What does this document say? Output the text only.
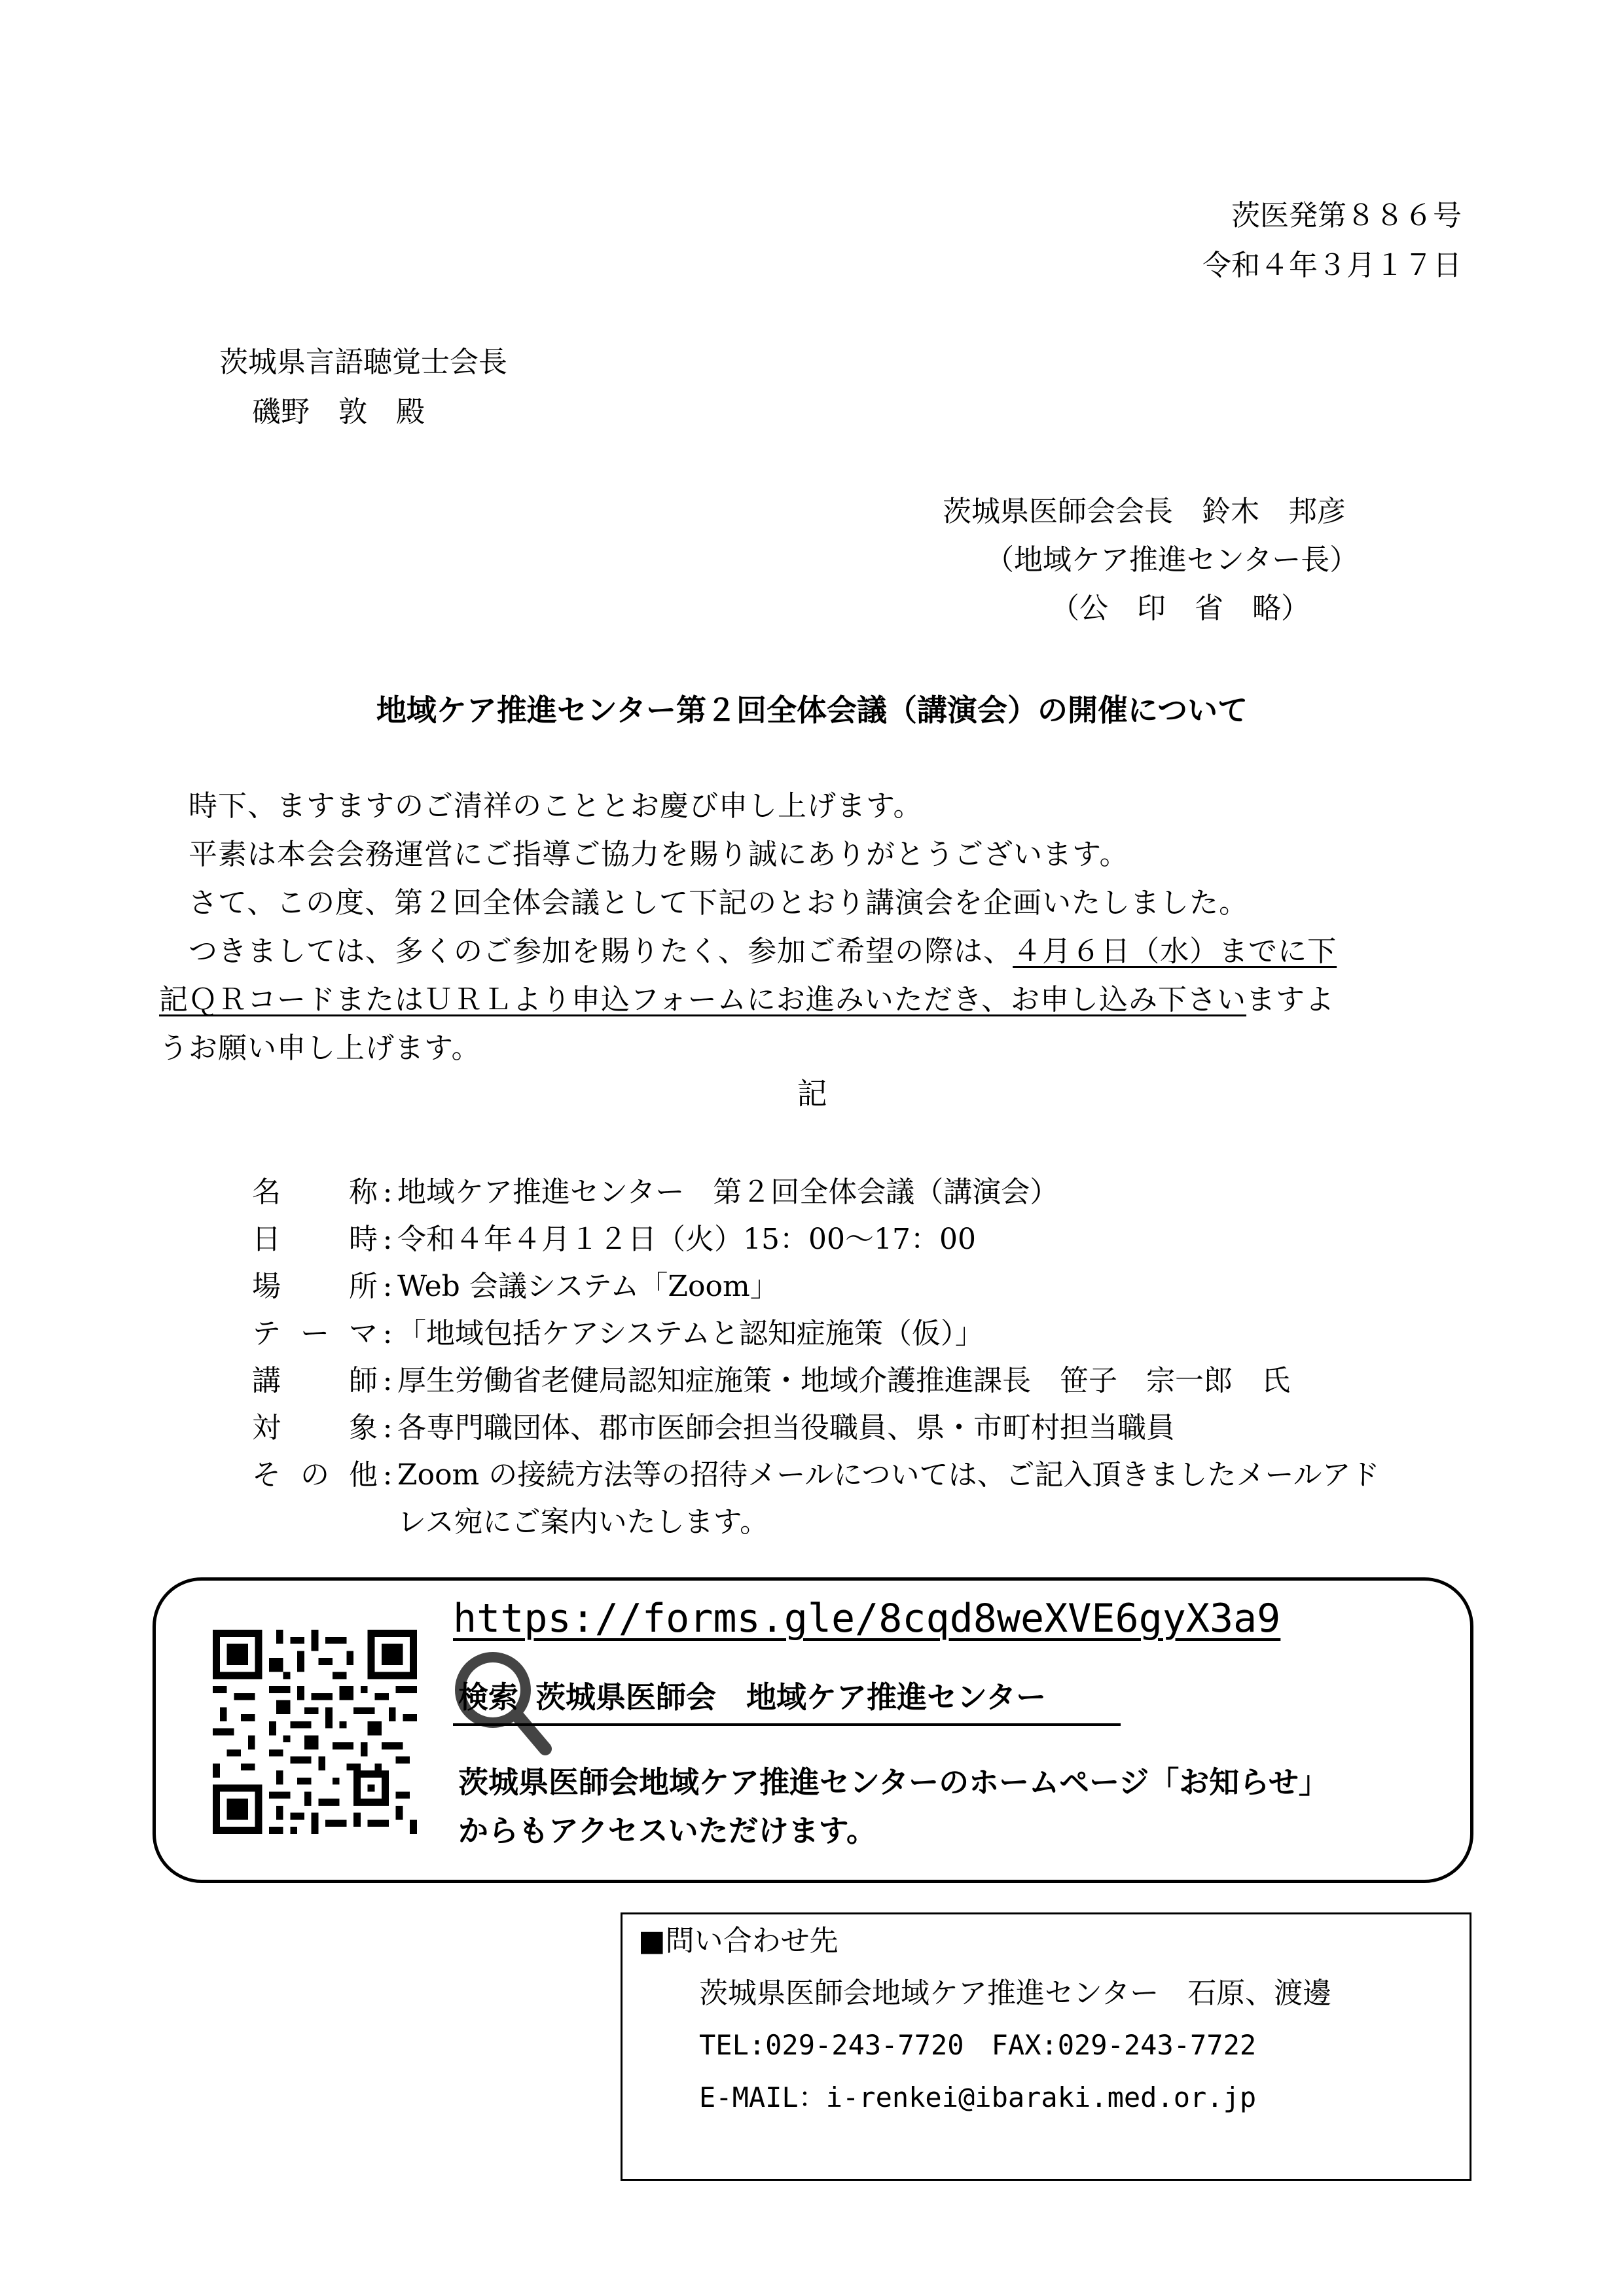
茨医発第８８６号
令和４年３月１７日
茨城県言語聴覚士会長
磯野　敦　殿
茨城県医師会会長　鈴木　邦彦
（地域ケア推進センター長）
（公　印　省　略）
地域ケア推進センター第２回全体会議（講演会）の開催について
時下、ますますのご清祥のこととお慶び申し上げます。
平素は本会会務運営にご指導ご協力を賜り誠にありがとうございます。
さて、この度、第２回全体会議として下記のとおり講演会を企画いたしました。
つきましては、多くのご参加を賜りたく、参加ご希望の際は、４月６日（水）までに下
記ＱＲコードまたはＵＲＬより申込フォームにお進みいただき、お申し込み下さいますよ
うお願い申し上げます。
記
名　称 : 地域ケア推進センター　第２回全体会議（講演会）
日　時 : 令和４年４月１２日（火）15：00～17：00
場　所 : Web 会議システム「Zoom」
テーマ : 「地域包括ケアシステムと認知症施策（仮）」
講　師 : 厚生労働省老健局認知症施策・地域介護推進課長　笹子　宗一郎　氏
対　象 : 各専門職団体、郡市医師会担当役職員、県・市町村担当職員
その他 : Zoom の接続方法等の招待メールについては、ご記入頂きましたメールアド
レス宛にご案内いたします。
https://forms.gle/8cqd8weXVE6gyX3a9
検索 茨城県医師会　地域ケア推進センター
茨城県医師会地域ケア推進センターのホームページ「お知らせ」
からもアクセスいただけます。
■問い合わせ先
茨城県医師会地域ケア推進センター　石原、渡邊
TEL:029-243-7720　FAX:029-243-7722
E-MAIL：i-renkei@ibaraki.med.or.jp
